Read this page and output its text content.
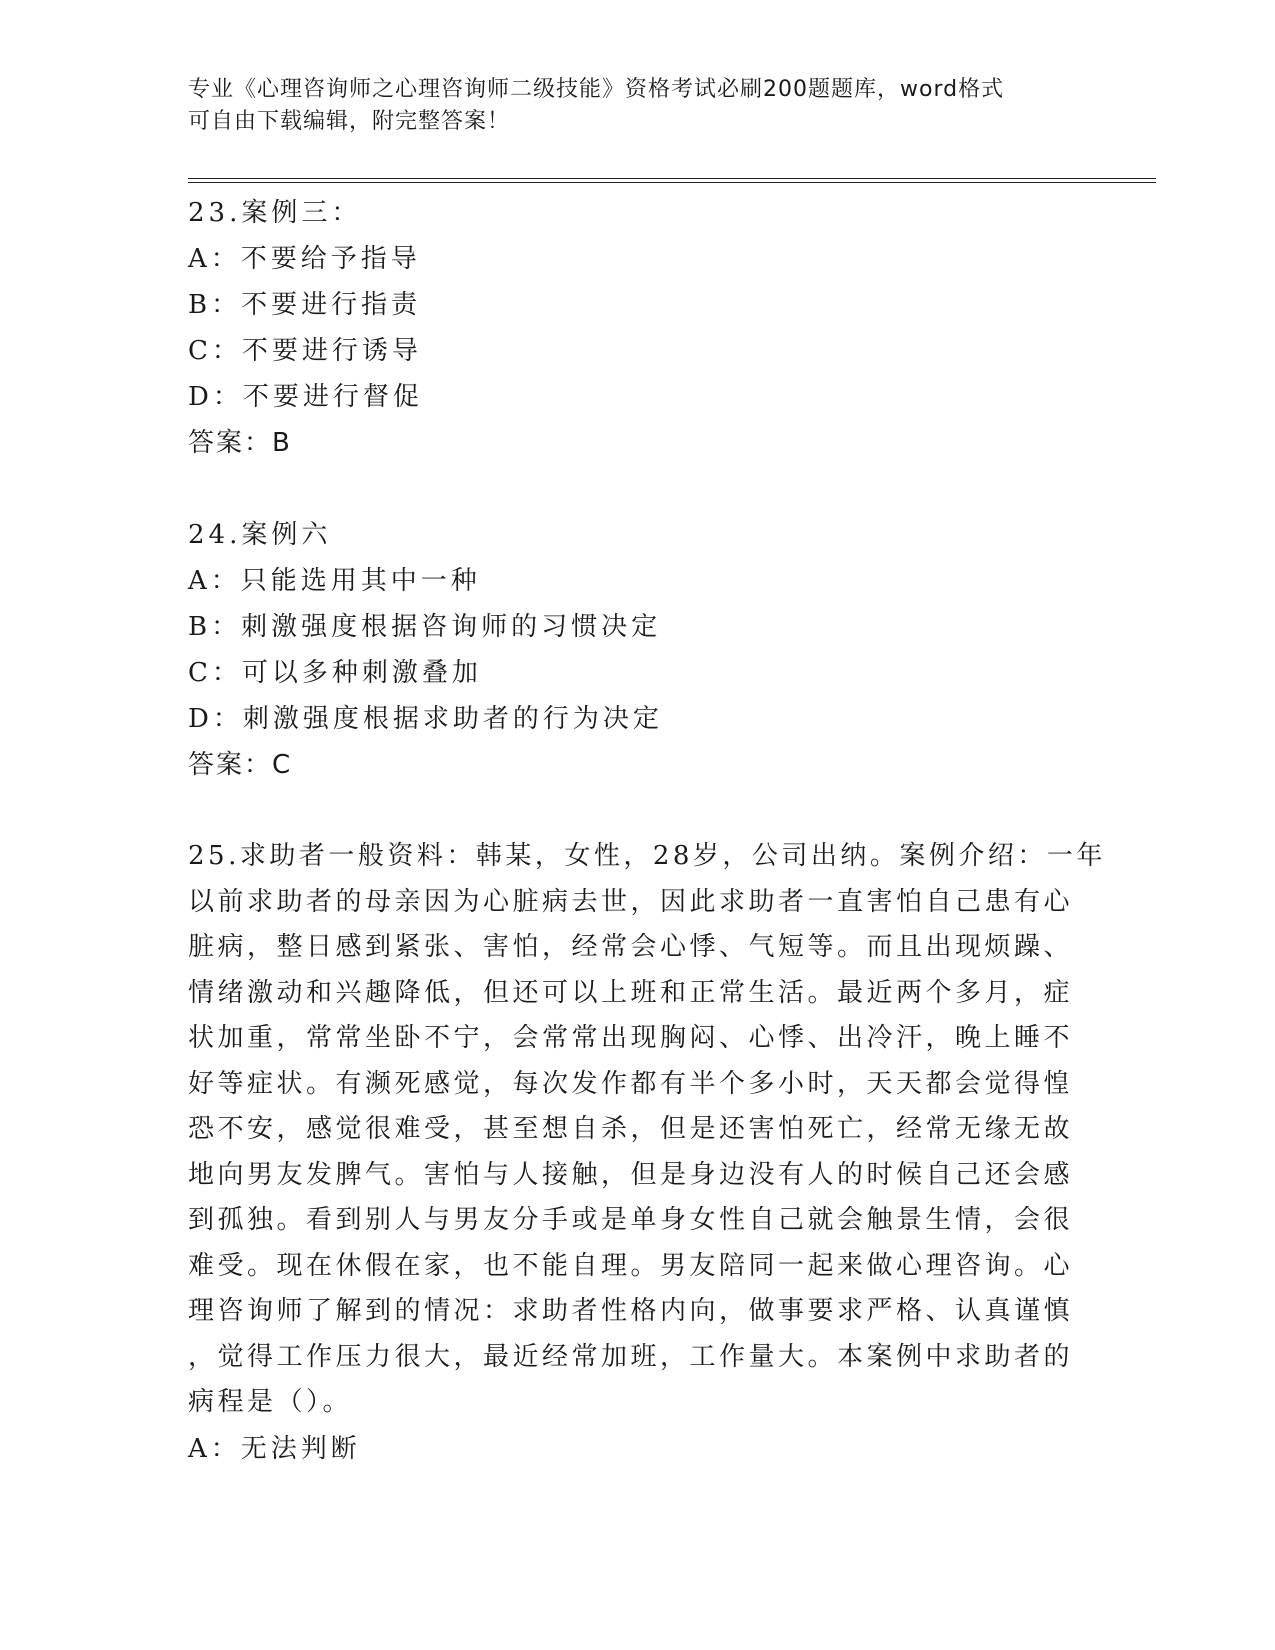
专业《心理咨询师之心理咨询师二级技能》资格考试必刷200题题库，word格式
可自由下载编辑，附完整答案！
23.案例三：
A：不要给予指导
B：不要进行指责
C：不要进行诱导
D：不要进行督促
答案：B
24.案例六
A：只能选用其中一种
B：刺激强度根据咨询师的习惯决定
C：可以多种刺激叠加
D：刺激强度根据求助者的行为决定
答案：C
25.求助者一般资料：韩某，女性，28岁，公司出纳。案例介绍：一年
以前求助者的母亲因为心脏病去世，因此求助者一直害怕自己患有心
脏病，整日感到紧张、害怕，经常会心悸、气短等。而且出现烦躁、
情绪激动和兴趣降低，但还可以上班和正常生活。最近两个多月，症
状加重，常常坐卧不宁，会常常出现胸闷、心悸、出冷汗，晚上睡不
好等症状。有濒死感觉，每次发作都有半个多小时，天天都会觉得惶
恐不安，感觉很难受，甚至想自杀，但是还害怕死亡，经常无缘无故
地向男友发脾气。害怕与人接触，但是身边没有人的时候自己还会感
到孤独。看到别人与男友分手或是单身女性自己就会触景生情，会很
难受。现在休假在家，也不能自理。男友陪同一起来做心理咨询。心
理咨询师了解到的情况：求助者性格内向，做事要求严格、认真谨慎
，觉得工作压力很大，最近经常加班，工作量大。本案例中求助者的
病程是（）。
A：无法判断
